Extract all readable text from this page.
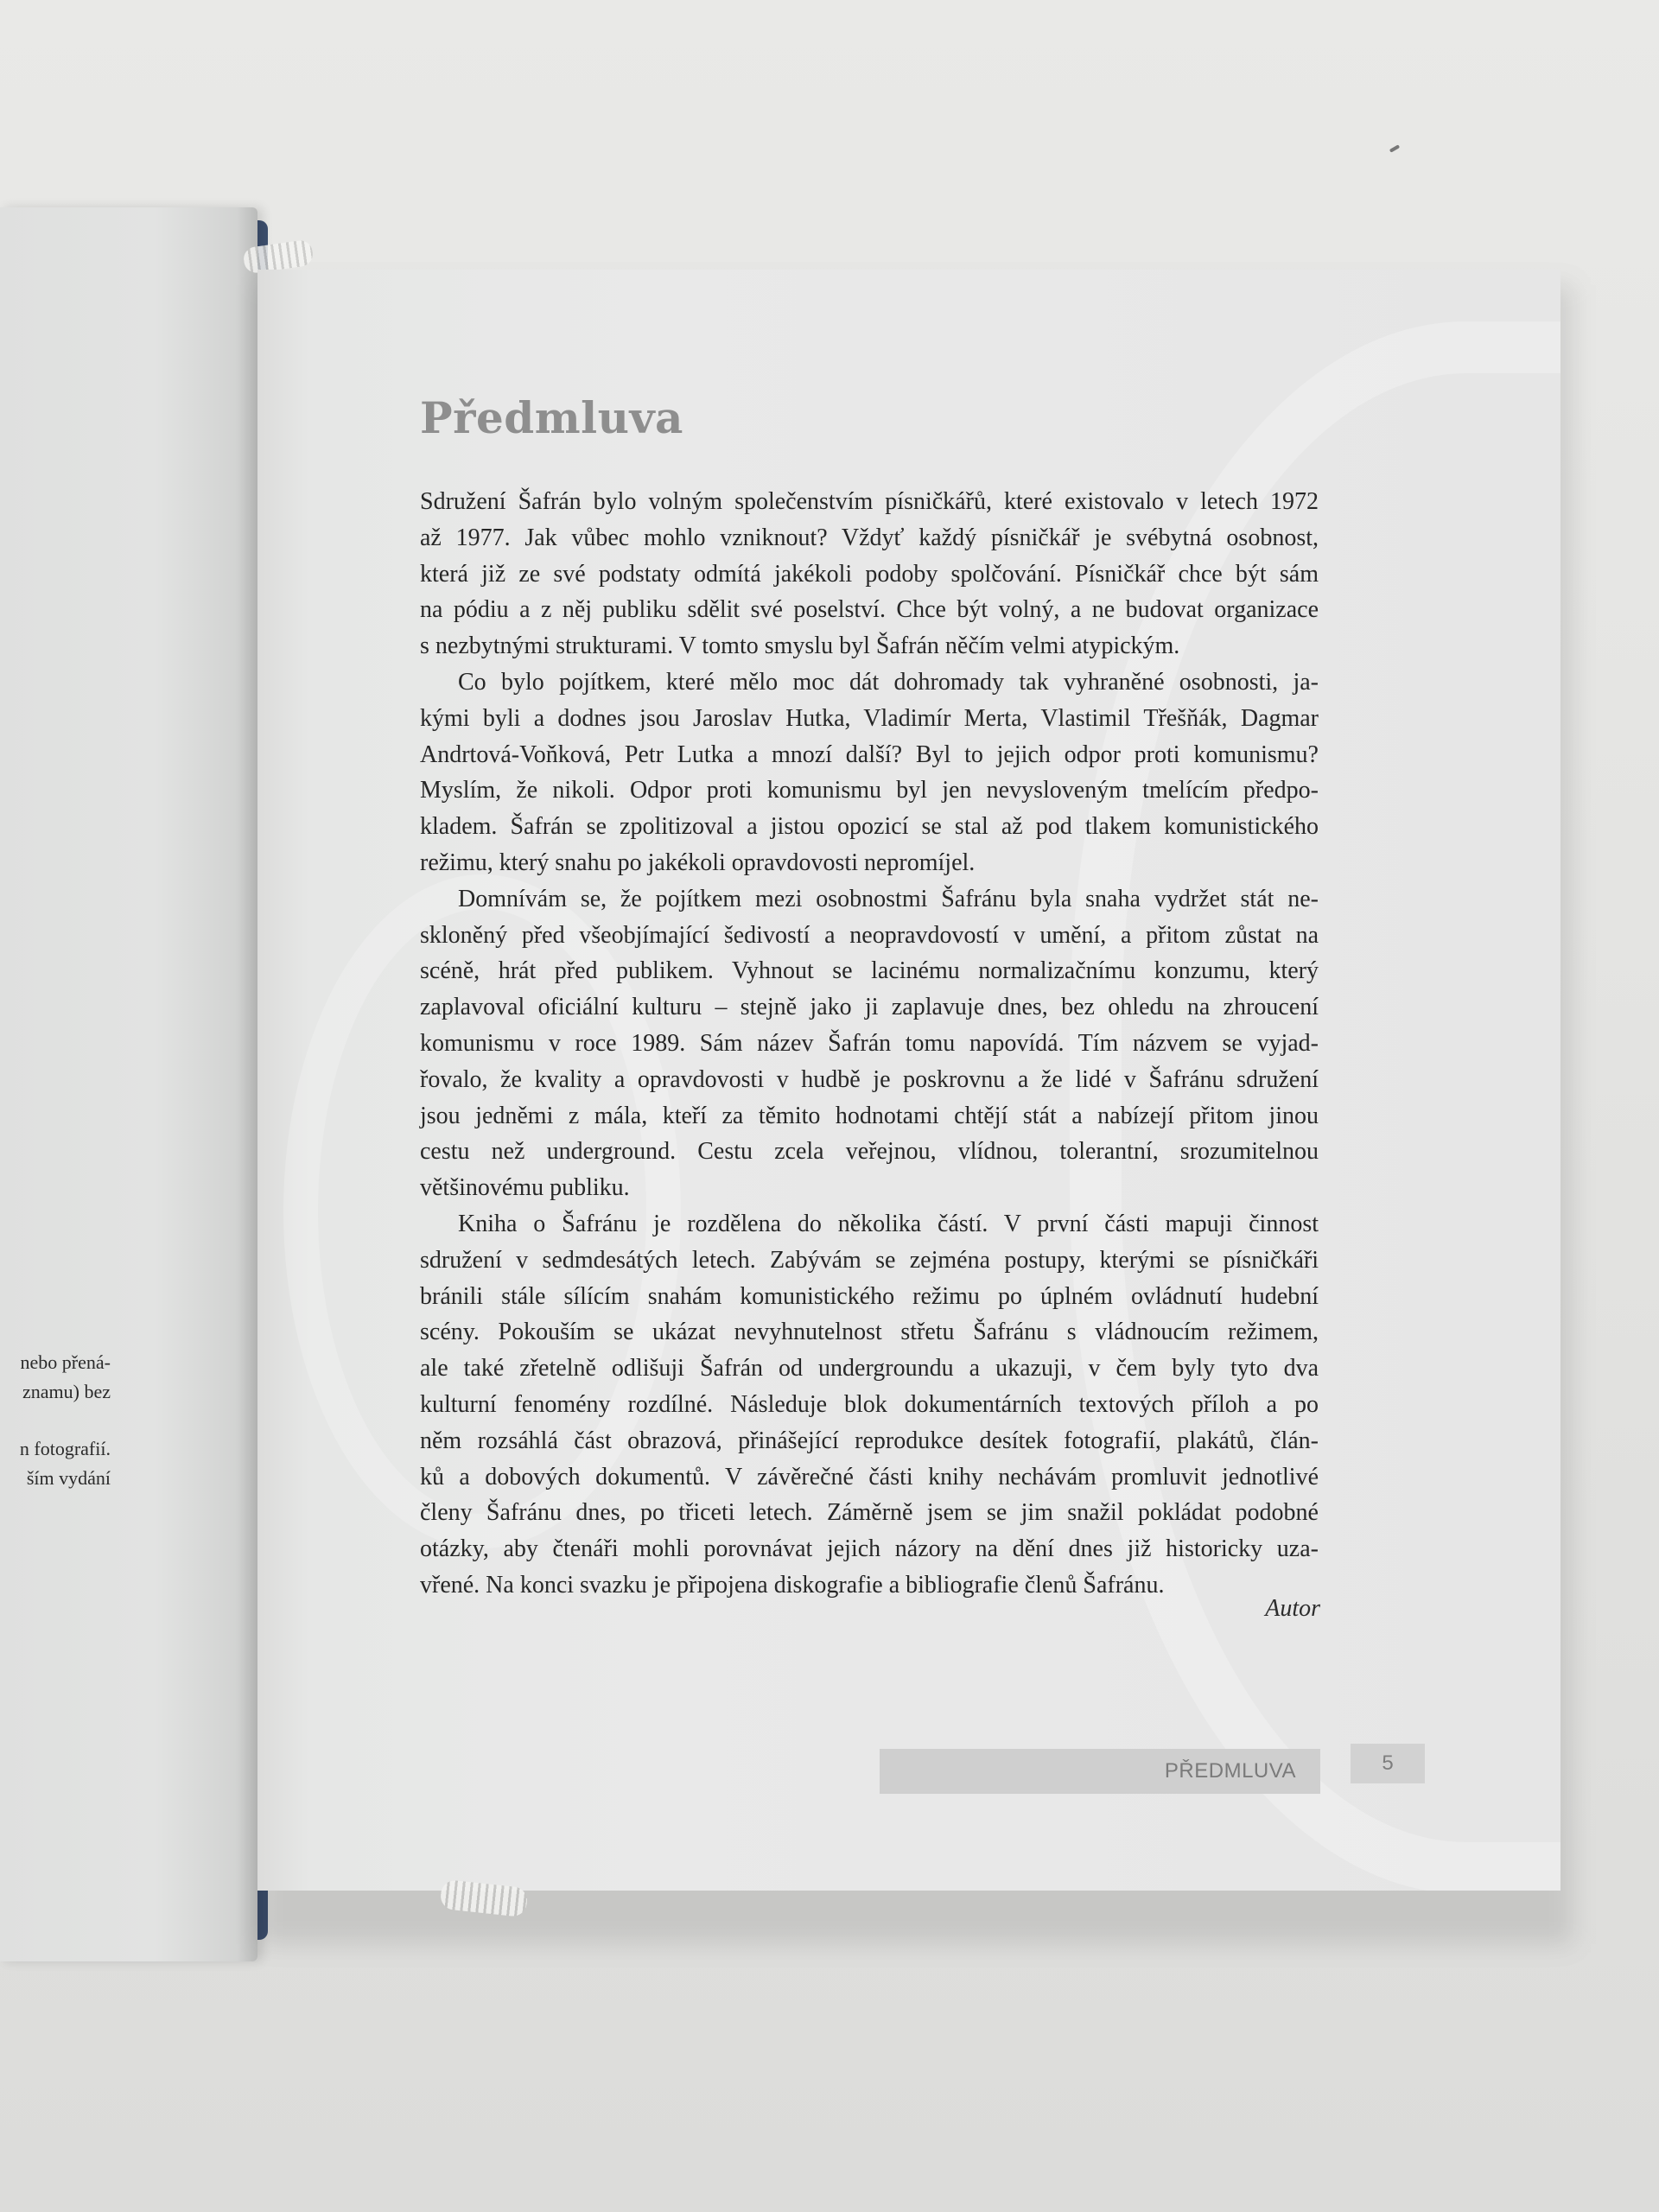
nebo přená-
znamu) bez
n fotografií.
ším vydání
Předmluva

Sdružení Šafrán bylo volným společenstvím písničkářů, které existovalo v letech 1972
až 1977. Jak vůbec mohlo vzniknout? Vždyť každý písničkář je svébytná osobnost,
která již ze své podstaty odmítá jakékoli podoby spolčování. Písničkář chce být sám
na pódiu a z něj publiku sdělit své poselství. Chce být volný, a ne budovat organizace
s nezbytnými strukturami. V tomto smyslu byl Šafrán něčím velmi atypickým.

Co bylo pojítkem, které mělo moc dát dohromady tak vyhraněné osobnosti, ja-
kými byli a dodnes jsou Jaroslav Hutka, Vladimír Merta, Vlastimil Třešňák, Dagmar
Andrtová-Voňková, Petr Lutka a mnozí další? Byl to jejich odpor proti komunismu?
Myslím, že nikoli. Odpor proti komunismu byl jen nevysloveným tmelícím předpo-
kladem. Šafrán se zpolitizoval a jistou opozicí se stal až pod tlakem komunistického
režimu, který snahu po jakékoli opravdovosti nepromíjel.

Domnívám se, že pojítkem mezi osobnostmi Šafránu byla snaha vydržet stát ne-
skloněný před všeobjímající šedivostí a neopravdovostí v umění, a přitom zůstat na
scéně, hrát před publikem. Vyhnout se lacinému normalizačnímu konzumu, který
zaplavoval oficiální kulturu – stejně jako ji zaplavuje dnes, bez ohledu na zhroucení
komunismu v roce 1989. Sám název Šafrán tomu napovídá. Tím názvem se vyjad-
řovalo, že kvality a opravdovosti v hudbě je poskrovnu a že lidé v Šafránu sdružení
jsou jedněmi z mála, kteří za těmito hodnotami chtějí stát a nabízejí přitom jinou
cestu než underground. Cestu zcela veřejnou, vlídnou, tolerantní, srozumitelnou
většinovému publiku.

Kniha o Šafránu je rozdělena do několika částí. V první části mapuji činnost
sdružení v sedmdesátých letech. Zabývám se zejména postupy, kterými se písničkáři
bránili stále sílícím snahám komunistického režimu po úplném ovládnutí hudební
scény. Pokouším se ukázat nevyhnutelnost střetu Šafránu s vládnoucím režimem,
ale také zřetelně odlišuji Šafrán od undergroundu a ukazuji, v čem byly tyto dva
kulturní fenomény rozdílné. Následuje blok dokumentárních textových příloh a po
něm rozsáhlá část obrazová, přinášející reprodukce desítek fotografií, plakátů, člán-
ků a dobových dokumentů. V závěrečné části knihy nechávám promluvit jednotlivé
členy Šafránu dnes, po třiceti letech. Záměrně jsem se jim snažil pokládat podobné
otázky, aby čtenáři mohli porovnávat jejich názory na dění dnes již historicky uza-
vřené. Na konci svazku je připojena diskografie a bibliografie členů Šafránu.

Autor
PŘEDMLUVA	5
